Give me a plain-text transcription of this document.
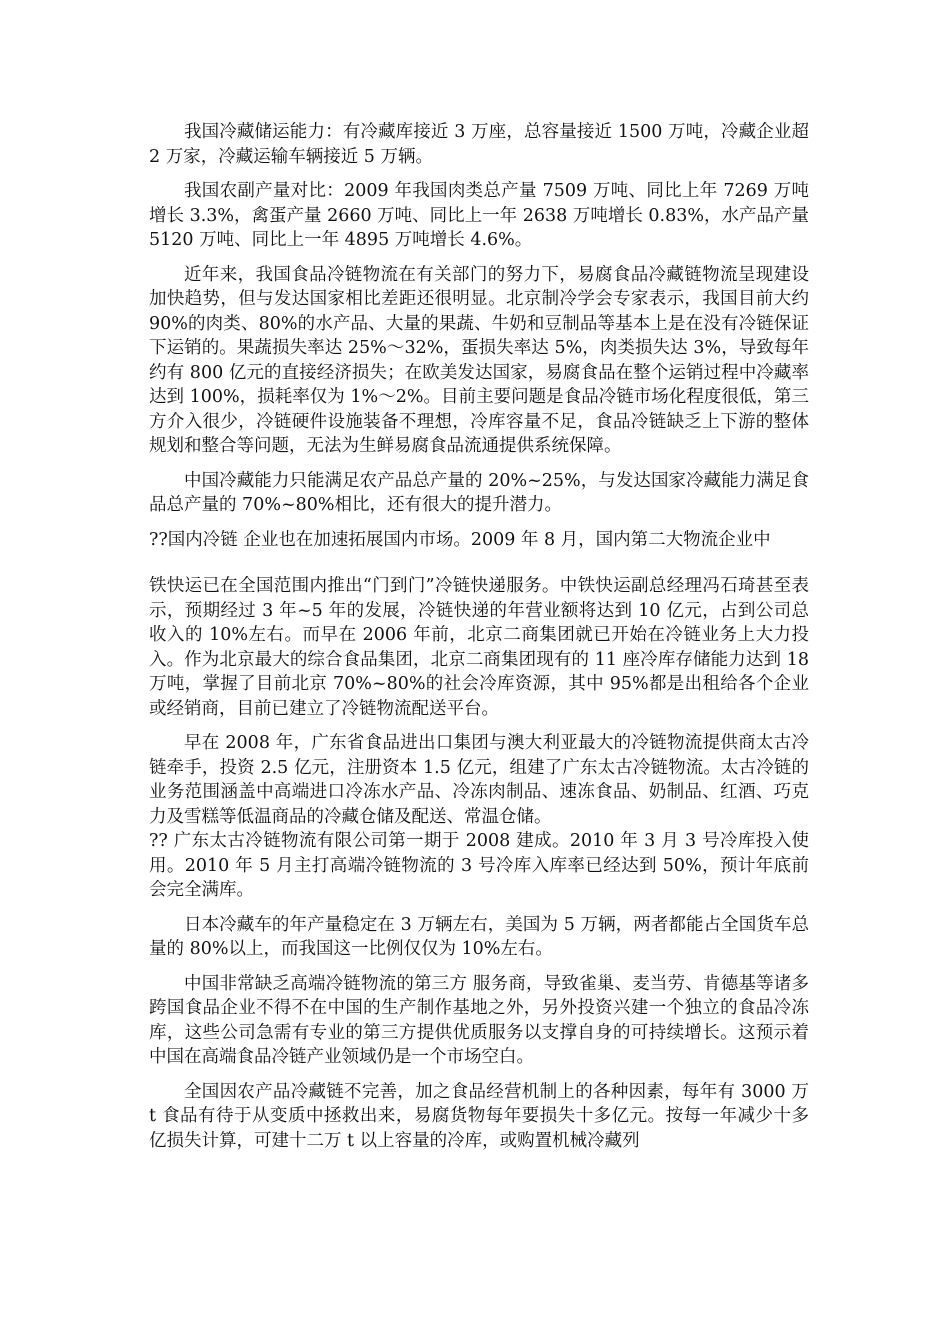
我国冷藏储运能力：有冷藏库接近 3 万座，总容量接近 1500 万吨，冷藏企业超 2 万家，冷藏运输车辆接近 5 万辆。

我国农副产量对比：2009 年我国肉类总产量 7509 万吨、同比上年 7269 万吨增长 3.3%，禽蛋产量 2660 万吨、同比上一年 2638 万吨增长 0.83%，水产品产量 5120 万吨、同比上一年 4895 万吨增长 4.6%。

近年来，我国食品冷链物流在有关部门的努力下，易腐食品冷藏链物流呈现建设加快趋势，但与发达国家相比差距还很明显。北京制冷学会专家表示，我国目前大约 90%的肉类、80%的水产品、大量的果蔬、牛奶和豆制品等基本上是在没有冷链保证下运销的。果蔬损失率达 25%～32%，蛋损失率达 5%，肉类损失达 3%，导致每年约有 800 亿元的直接经济损失；在欧美发达国家，易腐食品在整个运销过程中冷藏率达到 100%，损耗率仅为 1%～2%。目前主要问题是食品冷链市场化程度很低，第三方介入很少，冷链硬件设施装备不理想，冷库容量不足，食品冷链缺乏上下游的整体规划和整合等问题，无法为生鲜易腐食品流通提供系统保障。

中国冷藏能力只能满足农产品总产量的 20%~25%，与发达国家冷藏能力满足食品总产量的 70%~80%相比，还有很大的提升潜力。

??国内冷链 企业也在加速拓展国内市场。2009 年 8 月，国内第二大物流企业中

铁快运已在全国范围内推出“门到门”冷链快递服务。中铁快运副总经理冯石琦甚至表示，预期经过 3 年~5 年的发展，冷链快递的年营业额将达到 10 亿元，占到公司总收入的 10%左右。而早在 2006 年前，北京二商集团就已开始在冷链业务上大力投入。作为北京最大的综合食品集团，北京二商集团现有的 11 座冷库存储能力达到 18 万吨，掌握了目前北京 70%~80%的社会冷库资源，其中 95%都是出租给各个企业或经销商，目前已建立了冷链物流配送平台。

早在 2008 年，广东省食品进出口集团与澳大利亚最大的冷链物流提供商太古冷链牵手，投资 2.5 亿元，注册资本 1.5 亿元，组建了广东太古冷链物流。太古冷链的业务范围涵盖中高端进口冷冻水产品、冷冻肉制品、速冻食品、奶制品、红酒、巧克力及雪糕等低温商品的冷藏仓储及配送、常温仓储。

?? 广东太古冷链物流有限公司第一期于 2008 建成。2010 年 3 月 3 号冷库投入使用。2010 年 5 月主打高端冷链物流的 3 号冷库入库率已经达到 50%，预计年底前会完全满库。

日本冷藏车的年产量稳定在 3 万辆左右，美国为 5 万辆，两者都能占全国货车总量的 80%以上，而我国这一比例仅仅为 10%左右。

中国非常缺乏高端冷链物流的第三方 服务商，导致雀巢、麦当劳、肯德基等诸多跨国食品企业不得不在中国的生产制作基地之外，另外投资兴建一个独立的食品冷冻库，这些公司急需有专业的第三方提供优质服务以支撑自身的可持续增长。这预示着中国在高端食品冷链产业领域仍是一个市场空白。

全国因农产品冷藏链不完善，加之食品经营机制上的各种因素，每年有 3000 万 t 食品有待于从变质中拯救出来，易腐货物每年要损失十多亿元。按每一年减少十多亿损失计算，可建十二万 t 以上容量的冷库，或购置机械冷藏列
